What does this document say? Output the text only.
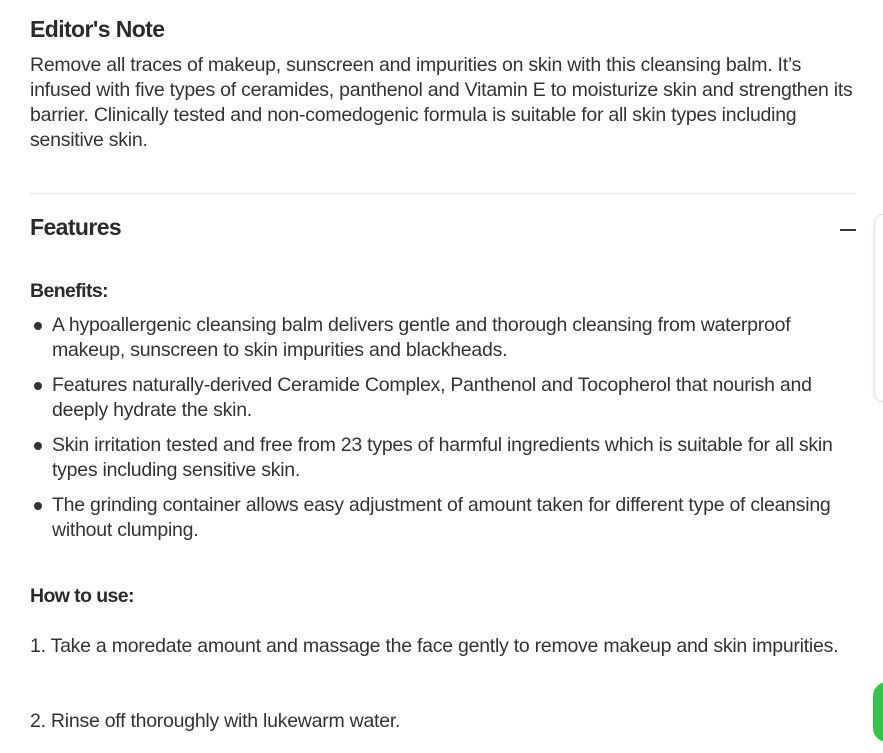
Editor's Note

Remove all traces of makeup, sunscreen and impurities on skin with this cleansing balm. It’s infused with five types of ceramides, panthenol and Vitamin E to moisturize skin and strengthen its barrier. Clinically tested and non-comedogenic formula is suitable for all skin types including sensitive skin.

Features
Benefits:
A hypoallergenic cleansing balm delivers gentle and thorough cleansing from waterproof makeup, sunscreen to skin impurities and blackheads.
Features naturally-derived Ceramide Complex, Panthenol and Tocopherol that nourish and deeply hydrate the skin.
Skin irritation tested and free from 23 types of harmful ingredients which is suitable for all skin types including sensitive skin.
The grinding container allows easy adjustment of amount taken for different type of cleansing without clumping.
How to use:

1. Take a moredate amount and massage the face gently to remove makeup and skin impurities.

2. Rinse off thoroughly with lukewarm water.
